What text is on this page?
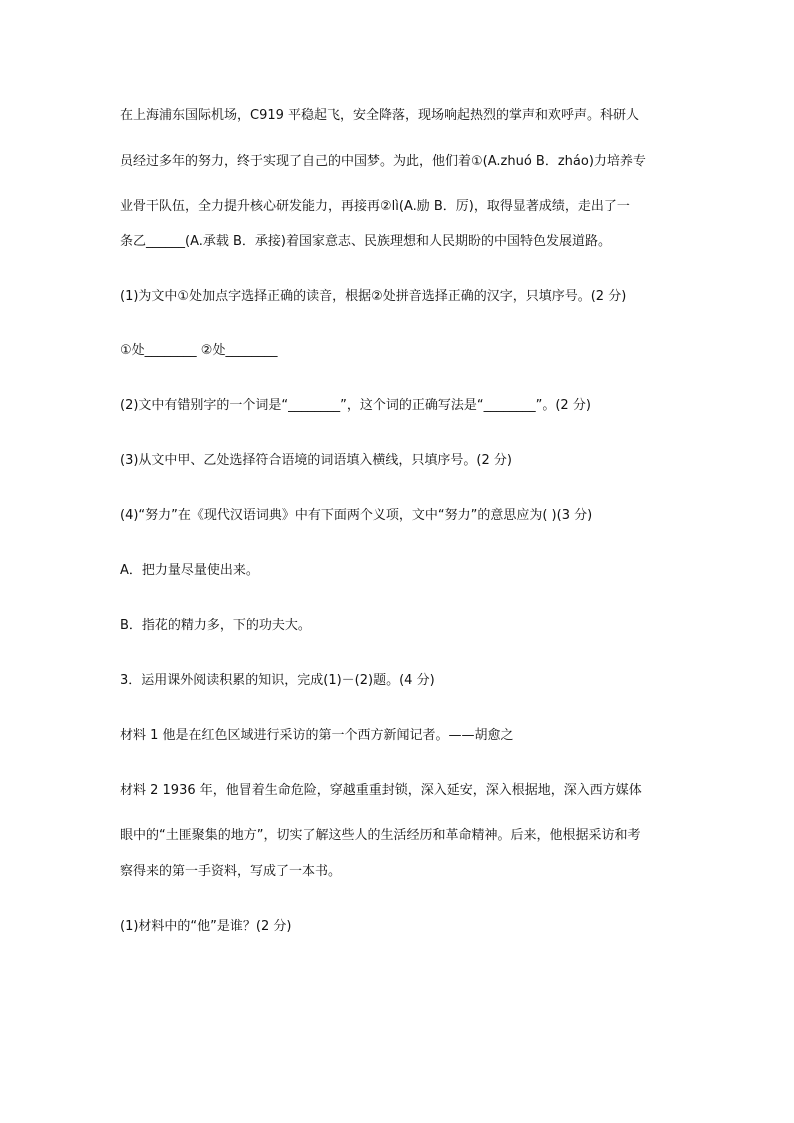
在上海浦东国际机场，C919 平稳起飞，安全降落，现场响起热烈的掌声和欢呼声。科研人
员经过多年的努力，终于实现了自己的中国梦。为此，他们着①(A.zhuó B．zháo)力培养专
业骨干队伍，全力提升核心研发能力，再接再②lì(A.励 B．厉)，取得显著成绩，走出了一
条乙______(A.承载 B．承接)着国家意志、民族理想和人民期盼的中国特色发展道路。
(1)为文中①处加点字选择正确的读音，根据②处拼音选择正确的汉字，只填序号。(2 分)
①处________ ②处________
(2)文中有错别字的一个词是“________”，这个词的正确写法是“________”。(2 分)
(3)从文中甲、乙处选择符合语境的词语填入横线，只填序号。(2 分)
(4)“努力”在《现代汉语词典》中有下面两个义项，文中“努力”的意思应为( )(3 分)
A．把力量尽量使出来。
B．指花的精力多，下的功夫大。
3．运用课外阅读积累的知识，完成(1)－(2)题。(4 分)
材料 1 他是在红色区域进行采访的第一个西方新闻记者。——胡愈之
材料 2 1936 年，他冒着生命危险，穿越重重封锁，深入延安，深入根据地，深入西方媒体
眼中的“土匪聚集的地方”，切实了解这些人的生活经历和革命精神。后来，他根据采访和考
察得来的第一手资料，写成了一本书。
(1)材料中的“他”是谁？(2 分)
